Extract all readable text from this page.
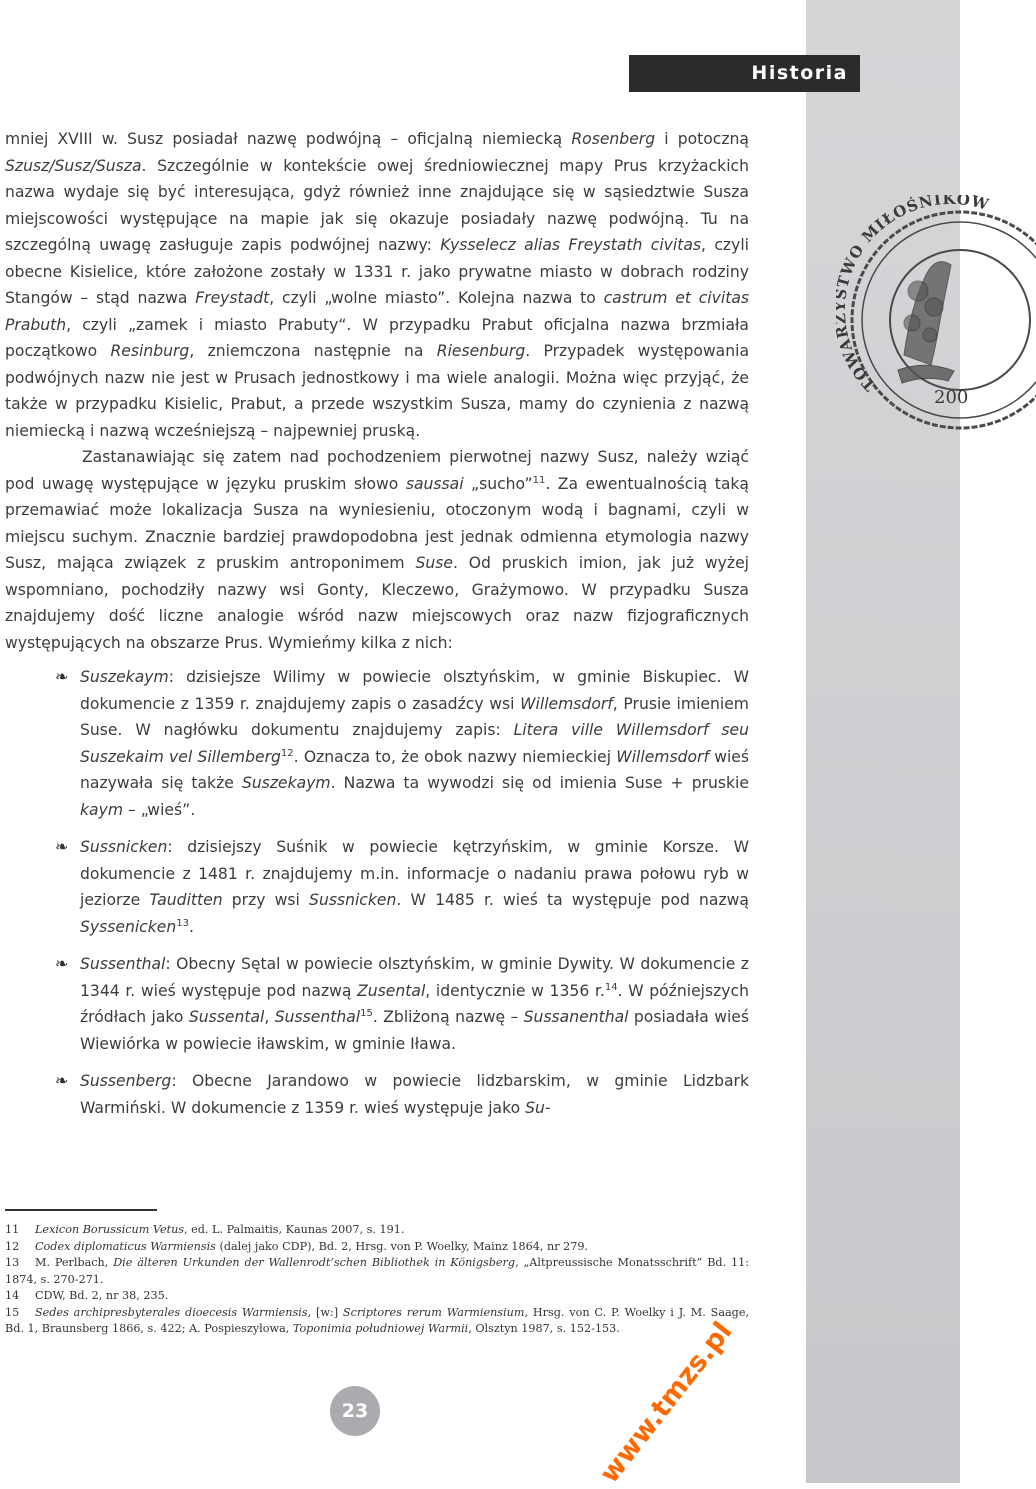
Historia
TOWA WO MIŁOŚNIKÓW
200

mniej XVIII w. Susz posiadał nazwę podwójną – oficjalną niemiecką Rosenberg i potoczną Szusz/Susz/Susza. Szczególnie w kontekście owej średniowiecznej mapy Prus krzyżackich nazwa wydaje się być interesująca, gdyż również inne znajdujące się w sąsiedztwie Susza miejscowości występujące na mapie jak się okazuje posiadały nazwę podwójną. Tu na szczególną uwagę zasługuje zapis podwójnej nazwy: Kysselecz alias Freystath civitas, czyli obecne Kisielice, które założone zostały w 1331 r. jako prywatne miasto w dobrach rodziny Stangów – stąd nazwa Freystadt, czyli „wolne miasto”. Kolejna nazwa to castrum et civitas Prabuth, czyli „zamek i miasto Prabuty“. W przypadku Prabut oficjalna nazwa brzmiała początkowo Resinburg, zniemczona następnie na Riesenburg. Przypadek występowania podwójnych nazw nie jest w Prusach jednostkowy i ma wiele analogii. Można więc przyjąć, że także w przypadku Kisielic, Prabut, a przede wszystkim Susza, mamy do czynienia z nazwą niemiecką i nazwą wcześniejszą – najpewniej pruską.

Zastanawiając się zatem nad pochodzeniem pierwotnej nazwy Susz, należy wziąć pod uwagę występujące w języku pruskim słowo saussai „sucho”$^{11}$. Za ewentualnością taką przemawiać może lokalizacja Susza na wyniesieniu, otoczonym wodą i bagnami, czyli w miejscu suchym. Znacznie bardziej prawdopodobna jest jednak odmienna etymologia nazwy Susz, mająca związek z pruskim antroponimem Suse. Od pruskich imion, jak już wyżej wspomniano, pochodziły nazwy wsi Gonty, Kleczewo, Grażymowo. W przypadku Susza znajdujemy dość liczne analogie wśród nazw miejscowych oraz nazw fizjograficznych występujących na obszarze Prus. Wymieńmy kilka z nich:

❧ Suszekaym: dzisiejsze Wilimy w powiecie olsztyńskim, w gminie Biskupiec. W dokumencie z 1359 r. znajdujemy zapis o zasadźcy wsi Willemsdorf, Prusie imieniem Suse. W nagłówku dokumentu znajdujemy zapis: Litera ville Willemsdorf seu Suszekaim vel Sillemberg$^{12}$. Oznacza to, że obok nazwy niemieckiej Willemsdorf wieś nazywała się także Suszekaym. Nazwa ta wywodzi się od imienia Suse + pruskie kaym – „wieś”.
❧ Sussnicken: dzisiejszy Suśnik w powiecie kętrzyńskim, w gminie Korsze. W dokumencie z 1481 r. znajdujemy m.in. informacje o nadaniu prawa połowu ryb w jeziorze Tauditten przy wsi Sussnicken. W 1485 r. wieś ta występuje pod nazwą Syssenicken$^{13}$.
❧ Sussenthal: Obecny Sętal w powiecie olsztyńskim, w gminie Dywity. W dokumencie z 1344 r. wieś występuje pod nazwą Zusental, identycznie w 1356 r.$^{14}$. W późniejszych źródłach jako Sussental, Sussenthal$^{15}$. Zbliżoną nazwę – Sussanenthal posiadała wieś Wiewiórka w powiecie iławskim, w gminie Iława.
❧ Sussenberg: Obecne Jarandowo w powiecie lidzbarskim, w gminie Lidzbark Warmiński. W dokumencie z 1359 r. wieś występuje jako Su-

11 Lexicon Borussicum Vetus, ed. L. Palmaitis, Kaunas 2007, s. 191.

12 Codex diplomaticus Warmiensis (dalej jako CDP), Bd. 2, Hrsg. von P. Woelky, Mainz 1864, nr 279.

13 M. Perlbach, Die älteren Urkunden der Wallenrodt’schen Bibliothek in Königsberg, „Altpreussische Monatsschrift” Bd. 11: 1874, s. 270-271.

14 CDW, Bd. 2, nr 38, 235.

15 Sedes archipresbyterales dioecesis Warmiensis, [w:] Scriptores rerum Warmiensium, Hrsg. von C. P. Woelky i J. M. Saage, Bd. 1, Braunsberg 1866, s. 422; A. Pospieszyłowa, Toponimia południowej Warmii, Olsztyn 1987, s. 152-153.

23	www.tmzs.pl
